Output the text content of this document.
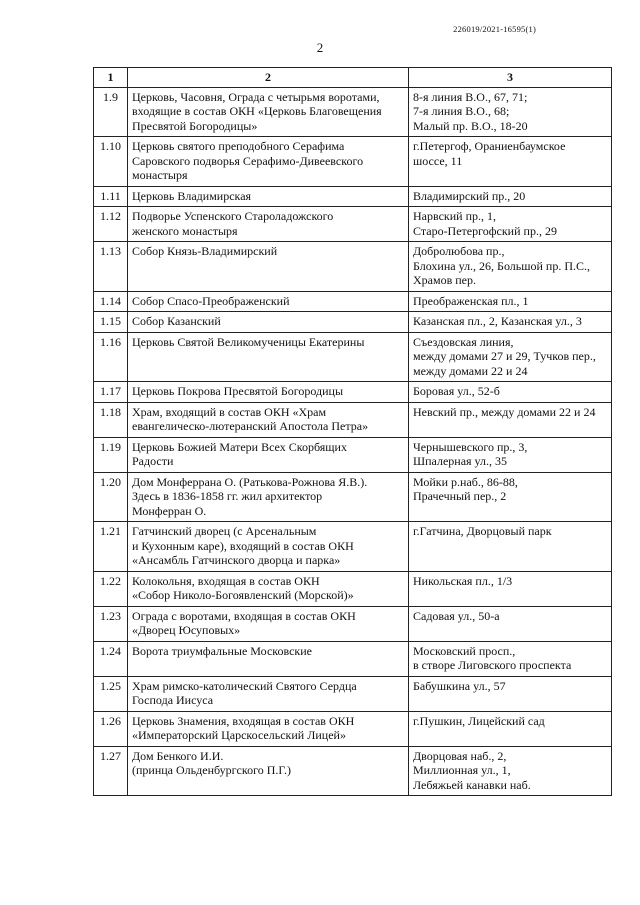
226019/2021-16595(1)
2
1	2	3
1.9	Церковь, Часовня, Ограда с четырьмя воротами,
входящие в состав ОКН «Церковь Благовещения
Пресвятой Богородицы»	8-я линия В.О., 67, 71;
7-я линия В.О., 68;
Малый пр. В.О., 18-20

1.10	Церковь святого преподобного Серафима
Саровского подворья Серафимо-Дивеевского
монастыря	г.Петергоф, Ораниенбаумское
шоссе, 11

1.11	Церковь Владимирская	Владимирский пр., 20

1.12	Подворье Успенского Староладожского
женского монастыря	Нарвский пр., 1,
Старо-Петергофский пр., 29

1.13	Собор Князь-Владимирский	Добролюбова пр.,
Блохина ул., 26, Большой пр. П.С.,
Храмов пер.

1.14	Собор Спасо-Преображенский	Преображенская пл., 1

1.15	Собор Казанский	Казанская пл., 2, Казанская ул., 3

1.16	Церковь Святой Великомученицы Екатерины	Съездовская линия,
между домами 27 и 29, Тучков пер.,
между домами 22 и 24

1.17	Церковь Покрова Пресвятой Богородицы	Боровая ул., 52-б

1.18	Храм, входящий в состав ОКН «Храм
евангелическо-лютеранский Апостола Петра»	Невский пр., между домами 22 и 24

1.19	Церковь Божией Матери Всех Скорбящих
Радости	Чернышевского пр., 3,
Шпалерная ул., 35

1.20	Дом Монферрана О. (Ратькова-Рожнова Я.В.).
Здесь в 1836-1858 гг. жил архитектор
Монферран О.	Мойки р.наб., 86-88,
Прачечный пер., 2

1.21	Гатчинский дворец (с Арсенальным
и Кухонным каре), входящий в состав ОКН
«Ансамбль Гатчинского дворца и парка»	г.Гатчина, Дворцовый парк

1.22	Колокольня, входящая в состав ОКН
«Собор Николо-Богоявленский (Морской)»	Никольская пл., 1/3

1.23	Ограда с воротами, входящая в состав ОКН
«Дворец Юсуповых»	Садовая ул., 50-а

1.24	Ворота триумфальные Московские	Московский просп.,
в створе Лиговского проспекта

1.25	Храм римско-католический Святого Сердца
Господа Иисуса	Бабушкина ул., 57

1.26	Церковь Знамения, входящая в состав ОКН
«Императорский Царскосельский Лицей»	г.Пушкин, Лицейский сад

1.27	Дом Бенкого И.И.
(принца Ольденбургского П.Г.)	Дворцовая наб., 2,
Миллионная ул., 1,
Лебяжьей канавки наб.
